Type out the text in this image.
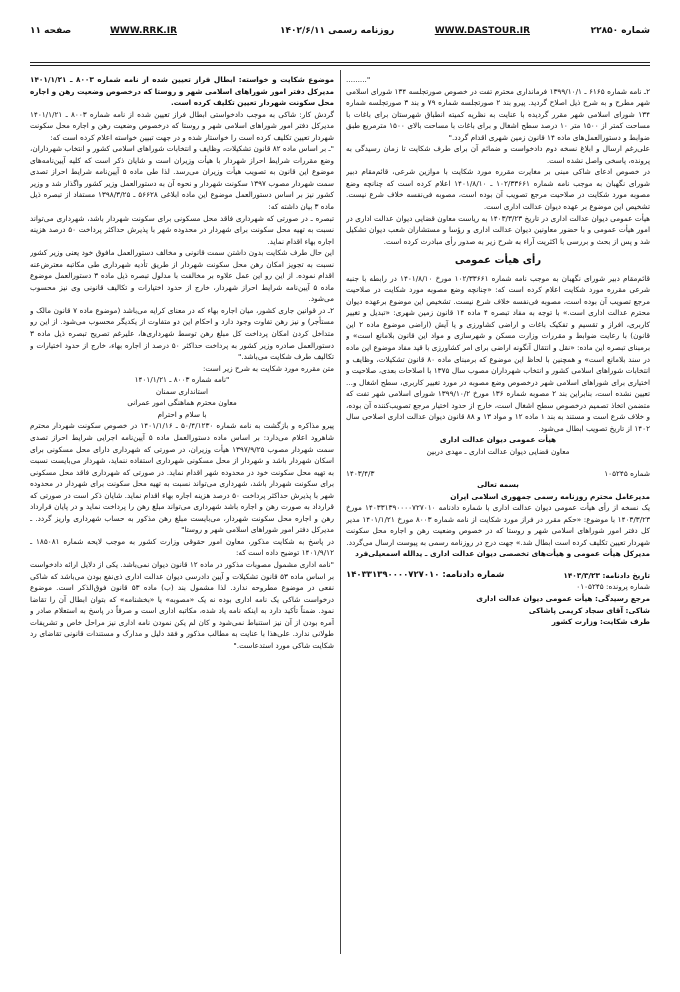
شماره ۲۲۸۵۰
WWW.DASTOUR.IR
روزنامه رسمی ۱۴۰۲/۶/۱۱
WWW.RRK.IR
صفحه ۱۱

".........

۲ـ نامه شماره ۶۱۶۵ ـ ۱۳۹۹/۱۰/۱ فرمانداری محترم تفت در خصوص صورتجلسه ۱۳۴ شورای اسلامی شهر مطرح و به شرح ذیل اصلاح گردید. پیرو بند ۲ صورتجلسه شماره ۷۹ و بند ۳ صورتجلسه شماره ۱۳۴ شورای اسلامی شهر مقرر گردیده با عنایت به نظریه کمیته انطباق شهرستان برای باغات با مساحت کمتر از ۱۵۰۰ متر ۱۰ درصد سطح اشغال و برای باغات با مساحت بالای ۱۵۰۰ مترمربع طبق ضوابط و دستورالعمل‌های ماده ۱۴ قانون زمین شهری اقدام گردد."

علی‌رغم ارسال و ابلاغ نسخه دوم دادخواست و ضمائم آن برای طرف شکایت تا زمان رسیدگی به پرونده، پاسخی واصل نشده است.

در خصوص ادعای شاکی مبنی بر مغایرت مقرره مورد شکایت با موازین شرعی، قائم‌مقام دبیر شورای نگهبان به موجب نامه شماره ۱۰۲/۳۳۶۶۱ ـ ۱۴۰۱/۸/۱۰ اعلام کرده است که چنانچه وضع مصوبه مورد شکایت در صلاحیت مرجع تصویب آن بوده است، مصوبه فی‌نفسه خلاف شرع نیست. تشخیص این موضوع بر عهده دیوان عدالت اداری است.

هیأت عمومی دیوان عدالت اداری در تاریخ ۱۴۰۳/۳/۲۳ به ریاست معاون قضایی دیوان عدالت اداری در امور هیأت عمومی و با حضور معاونین دیوان عدالت اداری و رؤسا و مستشاران شعب دیوان تشکیل شد و پس از بحث و بررسی با اکثریت آراء به شرح زیر به صدور رأی مبادرت کرده است.

رأی هیأت عمومی

قائم‌مقام دبیر شورای نگهبان به موجب نامه شماره ۱۰۲/۳۳۶۶۱ مورخ ۱۴۰۱/۸/۱۰ در رابطه با جنبه شرعی مقرره مورد شکایت اعلام کرده است که: «چنانچه وضع مصوبه مورد شکایت در صلاحیت مرجع تصویب آن بوده است، مصوبه فی‌نفسه خلاف شرع نیست. تشخیص این موضوع برعهده دیوان محترم عدالت اداری است.» با توجه به مفاد تبصره ۴ ماده ۱۴ قانون زمین شهری: «تبدیل و تغییر کاربری، افراز و تقسیم و تفکیک باغات و اراضی کشاورزی و یا آیش (اراضی موضوع ماده ۲ این قانون) با رعایت ضوابط و مقررات وزارت مسکن و شهرسازی و مواد این قانون بلامانع است» و برمبنای تبصره این ماده: «نقل و انتقال آنگونه اراضی برای امر کشاورزی با قید مفاد موضوع این ماده در سند بلامانع است» و همچنین با لحاظ این موضوع که برمبنای ماده ۸۰ قانون تشکیلات، وظایف و انتخابات شوراهای اسلامی کشور و انتخاب شهرداران مصوب سال ۱۳۷۵ با اصلاحات بعدی، صلاحیت و اختیاری برای شوراهای اسلامی شهر درخصوص وضع مصوبه در مورد تغییر کاربری، سطح اشغال و... تعیین نشده است، بنابراین بند ۲ مصوبه شماره ۱۳۶ مورخ ۱۳۹۹/۱۰/۲ شورای اسلامی شهر تفت که متضمن اتخاذ تصمیم درخصوص سطح اشغال است، خارج از حدود اختیار مرجع تصویب‌کننده آن بوده، و خلاف شرع است و مستند به بند ۱ ماده ۱۲ و مواد ۱۳ و ۸۸ قانون دیوان عدالت اداری اصلاحی سال ۱۴۰۲ از تاریخ تصویب ابطال می‌شود.

هیأت عمومی دیوان عدالت اداری

معاون قضایی دیوان عدالت اداری ـ مهدی دربین

شماره ۱۰۵۲۴۵
۱۴۰۳/۴/۳

بسمه تعالی

مدیرعامل محترم روزنامه رسمی جمهوری اسلامی ایران

یک نسخه از رأی هیأت عمومی دیوان عدالت اداری با شماره دادنامه ۱۴۰۳۳۱۳۹۰۰۰۰۷۲۷۰۱۰ مورخ ۱۴۰۳/۳/۲۳ با موضوع: «حکم مقرر در فراز مورد شکایت از نامه شماره ۸۰۰۳ مورخ ۱۴۰۱/۱/۲۱ مدیر کل دفتر امور شوراهای اسلامی شهر و روستا که در خصوص وضعیت رهن و اجاره محل سکونت شهردار تعیین تکلیف کرده است ابطال شد.» جهت درج در روزنامه رسمی به پیوست ارسال می‌گردد.

مدیرکل هیأت عمومی و هیأت‌های تخصصی دیوان عدالت اداری ـ یدالله اسمعیلی‌فرد

تاریخ دادنامه: ۱۴۰۳/۳/۲۳
شماره دادنامه: ۱۴۰۳۳۱۳۹۰۰۰۰۷۲۷۰۱۰

شماره پرونده: ۰۱۰۵۲۴۵

مرجع رسیدگی: هیأت عمومی دیوان عدالت اداری

شاکی: آقای سجاد کریمی پاشاکی

طرف شکایت: وزارت کشور

موضوع شکایت و خواسته: ابطال فراز تعیین شده از نامه شماره ۸۰۰۳ ـ ۱۴۰۱/۱/۲۱ مدیرکل دفتر امور شوراهای اسلامی شهر و روستا که درخصوص وضعیت رهن و اجاره محل سکونت شهردار تعیین تکلیف کرده است.

گردش کار: شاکی به موجب دادخواستی ابطال فراز تعیین شده از نامه شماره ۸۰۰۳ ـ ۱۴۰۱/۱/۲۱ مدیرکل دفتر امور شوراهای اسلامی شهر و روستا که درخصوص وضعیت رهن و اجاره محل سکونت شهردار تعیین تکلیف کرده است را خواستار شده و در جهت تبیین خواسته اعلام کرده است که:

"ـ بر اساس ماده ۸۲ قانون تشکیلات، وظایف و انتخابات شوراهای اسلامی کشور و انتخاب شهرداران، وضع مقررات شرایط احراز شهردار با هیأت وزیران است و شایان ذکر است که کلیه آیین‌نامه‌های موضوع این قانون به تصویب هیأت وزیران می‌رسد. لذا طی ماده ۵ آیین‌نامه شرایط احراز تصدی سمت شهردار مصوب ۱۳۹۷ سکونت شهردار و نحوه آن به دستورالعمل وزیر کشور واگذار شد و وزیر کشور نیز بر اساس دستورالعمل موضوع این ماده ابلاغی ۵۶۶۲۸ ـ ۱۳۹۸/۳/۲۵ مستفاد از تبصره ذیل ماده ۳ بیان داشته که:

تبصره ـ در صورتی که شهرداری فاقد محل مسکونی برای سکونت شهردار باشد، شهرداری می‌تواند نسبت به تهیه محل سکونت برای شهردار در محدوده شهر با پذیرش حداکثر پرداخت ۵۰ درصد هزینه اجاره بهاء اقدام نماید.

این حال طرف شکایت بدون داشتن سمت قانونی و مخالف دستورالعمل مافوق خود یعنی وزیر کشور نسبت به تجویز امکان رهن محل سکونت شهردار از طریق تأدیه شهرداری طی مکاتبه معترض‌عنه اقدام نموده. از این رو این عمل علاوه بر مخالفت با مدلول تبصره ذیل ماده ۳ دستورالعمل موضوع ماده ۵ آیین‌نامه شرایط احراز شهردار، خارج از حدود اختیارات و تکالیف قانونی وی نیز محسوب می‌شود.

۲ـ در قوانین جاری کشور، میان اجاره بهاء که در معنای کرایه می‌باشد (موضوع ماده ۷ قانون مالک و مستأجر) و نیز رهن تفاوت وجود دارد و احکام این دو متفاوت از یکدیگر محسوب می‌شود. از این رو متداخل کردن امکان پرداخت کل مبلغ رهن توسط شهرداری‌ها، علیرغم تصریح تبصره ذیل ماده ۳ دستورالعمل صادره وزیر کشور به پرداخت حداکثر ۵۰ درصد از اجاره بهاء، خارج از حدود اختیارات و تکالیف طرف شکایت می‌باشد."

متن مقرره مورد شکایت به شرح زیر است:

"نامه شماره ۸۰۰۳ ـ ۱۴۰۱/۱/۲۱

استانداری سمنان

معاون محترم هماهنگی امور عمرانی

با سلام و احترام

پیرو مذاکره و بازگشت به نامه شماره ۵۰/۴/۱۲۳۰ ـ ۱۴۰۱/۱/۱۶ در خصوص سکونت شهردار محترم شاهرود اعلام می‌دارد: بر اساس ماده دستورالعمل ماده ۵ آیین‌نامه اجرایی شرایط احراز تصدی سمت شهردار مصوب ۱۳۹۷/۹/۲۵ هیأت وزیران، در صورتی که شهرداری دارای محل مسکونی برای اسکان شهردار باشد و شهردار از محل مسکونی شهرداری استفاده ننماید، شهردار می‌بایست نسبت به تهیه محل سکونت خود در محدوده شهر اقدام نماید. در صورتی که شهرداری فاقد محل مسکونی برای سکونت شهردار باشد، شهرداری می‌تواند نسبت به تهیه محل سکونت برای شهردار در محدوده شهر با پذیرش حداکثر پرداخت ۵۰ درصد هزینه اجاره بهاء اقدام نماید. شایان ذکر است در صورتی که قرارداد به صورت رهن و اجاره باشد شهرداری می‌تواند مبلغ رهن را پرداخت نماید و در پایان قرارداد رهن و اجاره محل سکونت شهردار، می‌بایست مبلغ رهن مذکور به حساب شهرداری واریز گردد. ـ مدیرکل دفتر امور شوراهای اسلامی شهر و روستا"

در پاسخ به شکایت مذکور، معاون امور حقوقی وزارت کشور به موجب لایحه شماره ۱۸۵۰۸۱ ـ ۱۴۰۱/۹/۱۲ توضیح داده است که:

"نامه اداری مشمول مصوبات مذکور در ماده ۱۲ قانون دیوان نمی‌باشد. یکی از دلایل ارائه دادخواست بر اساس ماده ۵۳ قانون تشکیلات و آیین دادرسی دیوان عدالت اداری ذی‌نفع بودن می‌باشد که شاکی نفعی در موضوع مطروحه ندارد. لذا مشمول بند (ب) ماده ۵۳ قانون فوق‌الذکر است. موضوع درخواست شاکی یک نامه اداری بوده نه یک «مصوبه» یا «بخشنامه» که بتوان ابطال آن را تقاضا نمود. ضمناً تأکید دارد به اینکه نامه یاد شده، مکاتبه اداری است و صرفاً در پاسخ به استعلام صادر و آمره بودن از آن نیز استنباط نمی‌شود و کان لم یکن نمودن نامه اداری نیز مراحل خاص و تشریفات طولانی ندارد. علی‌هذا با عنایت به مطالب مذکور و فقد دلیل و مدارک و مستندات قانونی تقاضای رد شکایت شاکی مورد استدعاست."
